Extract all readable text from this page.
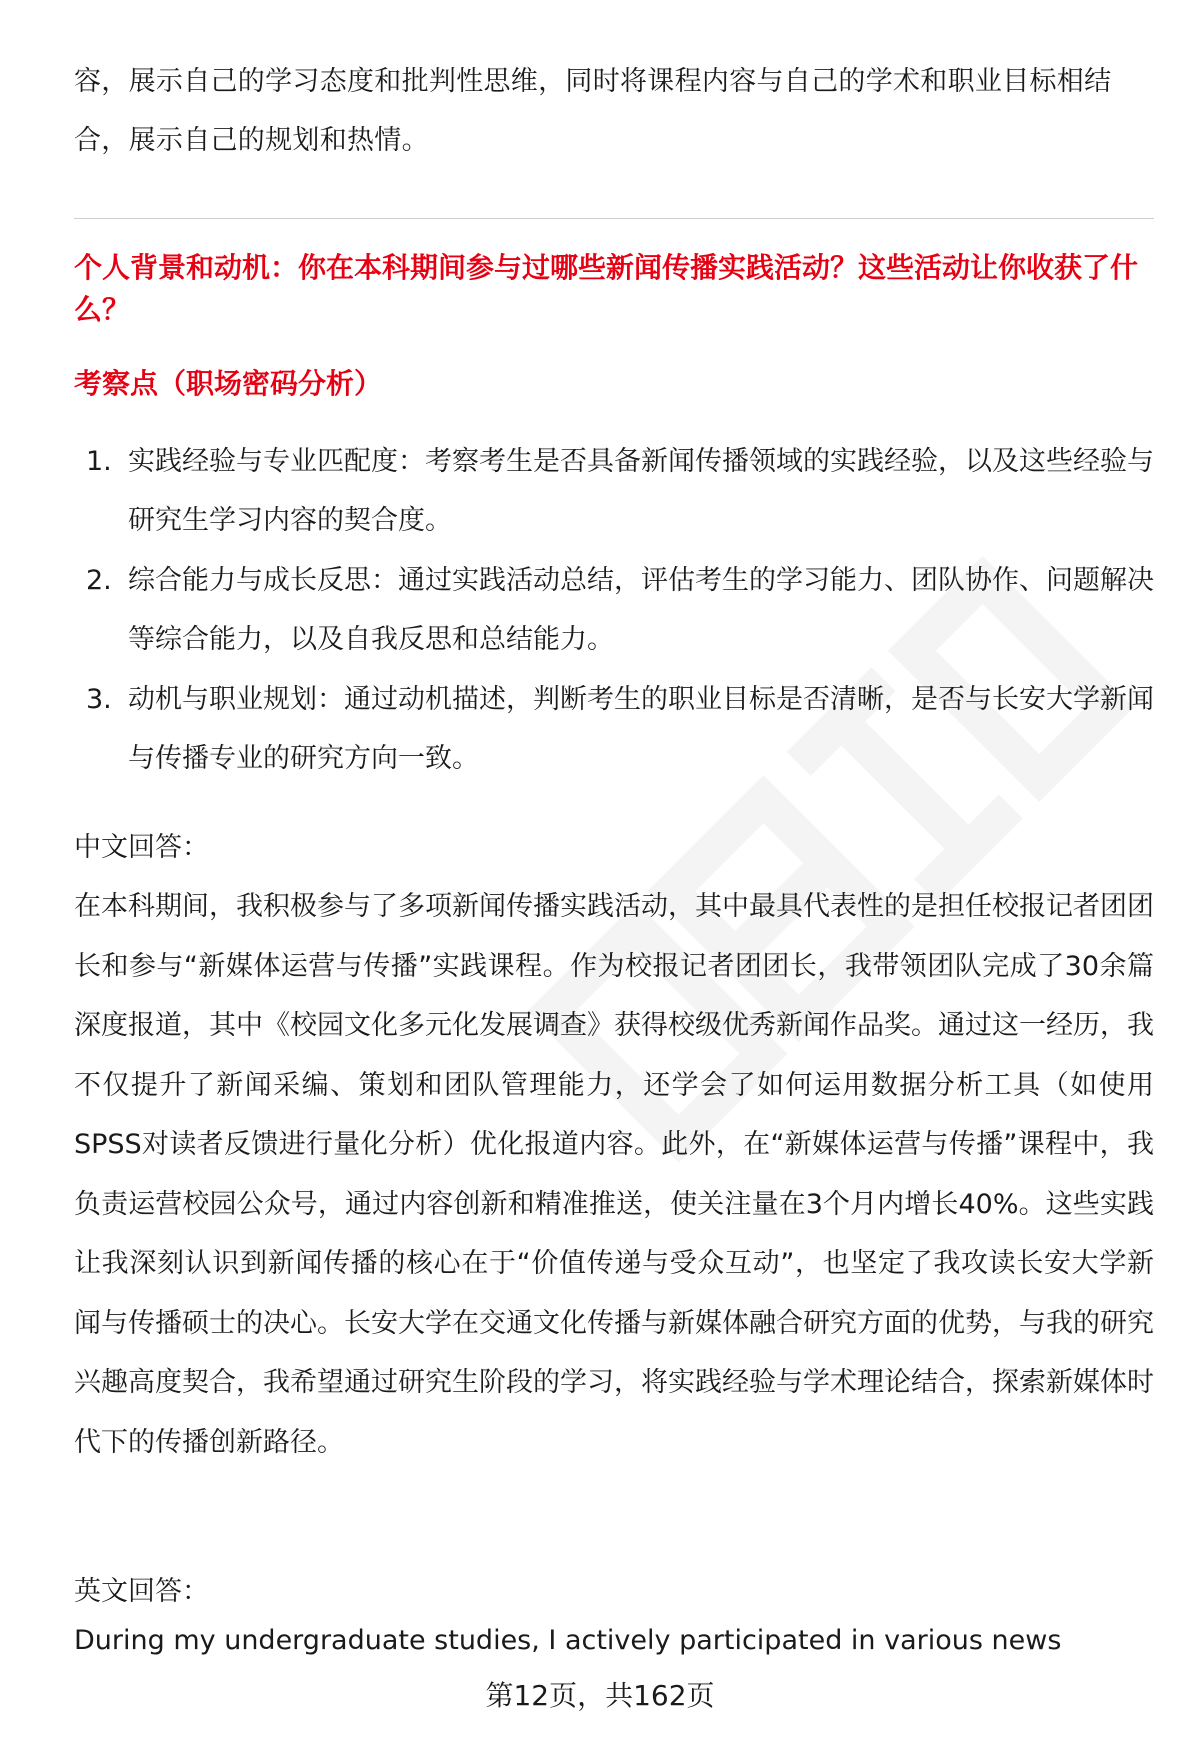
容，展示自己的学习态度和批判性思维，同时将课程内容与自己的学术和职业目标相结合，展示自己的规划和热情。

个人背景和动机：你在本科期间参与过哪些新闻传播实践活动？这些活动让你收获了什么？
考察点（职场密码分析）
1. 实践经验与专业匹配度：考察考生是否具备新闻传播领域的实践经验，以及这些经验与研究生学习内容的契合度。
2. 综合能力与成长反思：通过实践活动总结，评估考生的学习能力、团队协作、问题解决等综合能力，以及自我反思和总结能力。
3. 动机与职业规划：通过动机描述，判断考生的职业目标是否清晰，是否与长安大学新闻与传播专业的研究方向一致。

中文回答：

在本科期间，我积极参与了多项新闻传播实践活动，其中最具代表性的是担任校报记者团团长和参与“新媒体运营与传播”实践课程。作为校报记者团团长，我带领团队完成了30余篇深度报道，其中《校园文化多元化发展调查》获得校级优秀新闻作品奖。通过这一经历，我不仅提升了新闻采编、策划和团队管理能力，还学会了如何运用数据分析工具（如使用SPSS对读者反馈进行量化分析）优化报道内容。此外，在“新媒体运营与传播”课程中，我负责运营校园公众号，通过内容创新和精准推送，使关注量在3个月内增长40%。这些实践让我深刻认识到新闻传播的核心在于“价值传递与受众互动”，也坚定了我攻读长安大学新闻与传播硕士的决心。长安大学在交通文化传播与新媒体融合研究方面的优势，与我的研究兴趣高度契合，我希望通过研究生阶段的学习，将实践经验与学术理论结合，探索新媒体时代下的传播创新路径。

英文回答：

During my undergraduate studies, I actively participated in various news

第12页，共162页
